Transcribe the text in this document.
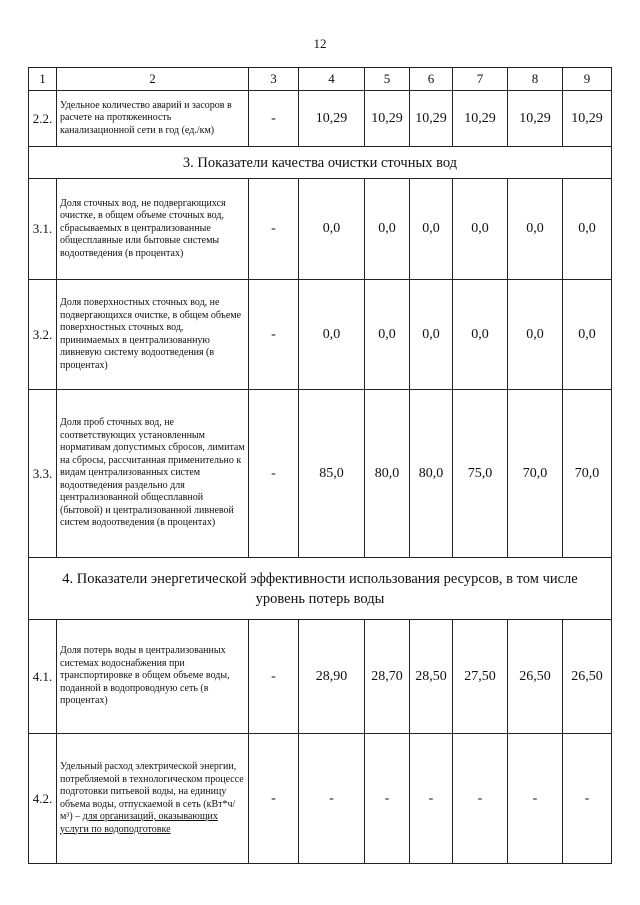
12
1	2	3	4	5	6	7	8	9
2.2.	Удельное количество аварий и засоров в расчете на протяженность канализационной сети в год (ед./км)	-	10,29	10,29	10,29	10,29	10,29	10,29
3. Показатели качества очистки сточных вод								
3.1.	Доля сточных вод, не подвергающихся очистке, в общем объеме сточных вод, сбрасываемых в централизованные общесплавные или бытовые системы водоотведения (в процентах)	-	0,0	0,0	0,0	0,0	0,0	0,0
3.2.	Доля поверхностных сточных вод, не подвергающихся очистке, в общем объеме поверхностных сточных вод, принимаемых в централизованную ливневую систему водоотведения (в процентах)	-	0,0	0,0	0,0	0,0	0,0	0,0
3.3.	Доля проб сточных вод, не соответствующих установленным нормативам допустимых сбросов, лимитам на сбросы, рассчитанная применительно к видам централизованных систем водоотведения раздельно для централизованной общесплавной (бытовой) и централизованной ливневой систем водоотведения (в процентах)	-	85,0	80,0	80,0	75,0	70,0	70,0
4. Показатели энергетической эффективности использования ресурсов, в том числе уровень потерь воды								
4.1.	Доля потерь воды в централизованных системах водоснабжения при транспортировке в общем объеме воды, поданной в водопроводную сеть (в процентах)	-	28,90	28,70	28,50	27,50	26,50	26,50
4.2.	Удельный расход электрической энергии, потребляемой в технологическом процессе подготовки питьевой воды, на единицу объема воды, отпускаемой в сеть (кВт*ч/м³) – для организаций, оказывающих услуги по водоподготовке	-	-	-	-	-	-	-
